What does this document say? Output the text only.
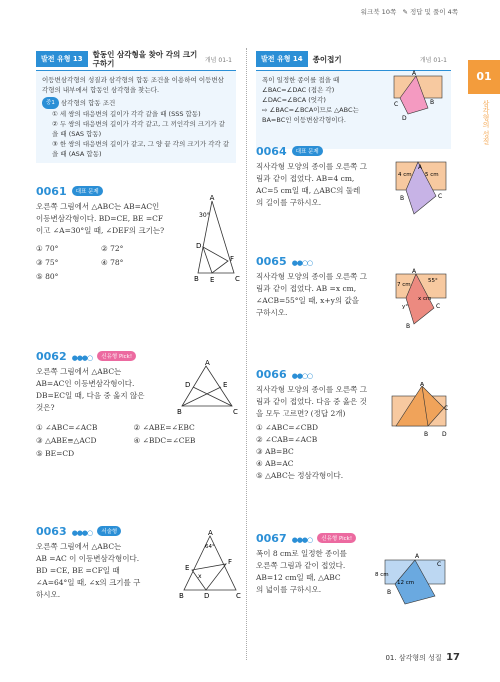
워크북 10쪽 ✎ 정답 및 풀이 4쪽
01
삼각형의 성질
발전 유형 13	합동인 삼각형을 찾아 각의 크기
구하기	개념 01-1
이등변삼각형의 성질과 삼각형의 합동 조건을 이용하여 이등변삼각형의 내부에서 합동인 삼각형을 찾는다.
중1 삼각형의 합동 조건
① 세 쌍의 대응변의 길이가 각각 같을 때 (SSS 합동)
② 두 쌍의 대응변의 길이가 각각 같고, 그 끼인각의 크기가 같을 때 (SAS 합동)
③ 한 쌍의 대응변의 길이가 같고, 그 양 끝 각의 크기가 각각 같을 때 (ASA 합동)
0061 대표 문제
오른쪽 그림에서 △ABC는 AB=AC인
이등변삼각형이다. BD=CE, BE =CF
이고 ∠A=30°일 때, ∠DEF의 크기는?
① 70°	② 72°
③ 75°	④ 78°
⑤ 80°
A
30°
B	C
D
E
F
0062 ●●●○ 신유형 Pick!
오른쪽 그림에서 △ABC는
AB=AC인 이등변삼각형이다.
DB=EC일 때, 다음 중 옳지 않은
것은?
① ∠ABC=∠ACB	② ∠ABE=∠EBC
③ △ABE≡△ACD	④ ∠BDC=∠CEB
⑤ BE=CD
A
B	C
D	E
0063 ●●●○ 서술형
오른쪽 그림에서 △ABC는
AB =AC 이 이등변삼각형이다.
BD =CE, BE =CF일 때
∠A=64°일 때, ∠x의 크기를 구
하시오.
A
64°
B	C
D
E
F
x
발전 유형 14	종이접기	개념 01-1
폭이 일정한 종이를 접을 때
∠BAC=∠DAC (접은 각)
∠DAC=∠BCA (엇각)
⇨ ∠BAC=∠BCA이므로 △ABC는
BA=BC인 이등변삼각형이다.
A
B
C
D
0064 대표 문제
직사각형 모양의 종이를 오른쪽 그
림과 같이 접었다. AB=4 cm,
AC=5 cm일 때, △ABC의 둘레
의 길이를 구하시오.
A
4 cm 5 cm
C
B
0065 ●●○○
직사각형 모양의 종이를 오른쪽 그
림과 같이 접었다. AB =x cm,
∠ACB=55°일 때, x+y의 값을
구하시오.
A
7 cm
55°
x cm
y°	C
B
0066 ●●○○
직사각형 모양의 종이를 오른쪽 그
림과 같이 접었다. 다음 중 옳은 것
을 모두 고르면? (정답 2개)
① ∠ABC=∠CBD
② ∠CAB=∠ACB
③ AB=BC
④ AB=AC
⑤ △ABC는 정삼각형이다.
A
C
B D
0067 ●●●○ 신유형 Pick!
폭이 8 cm로 일정한 종이를
오른쪽 그림과 같이 접었다.
AB=12 cm일 때, △ABC
의 넓이를 구하시오.
A
C
8 cm
12 cm
B
01. 삼각형의 성질 17
